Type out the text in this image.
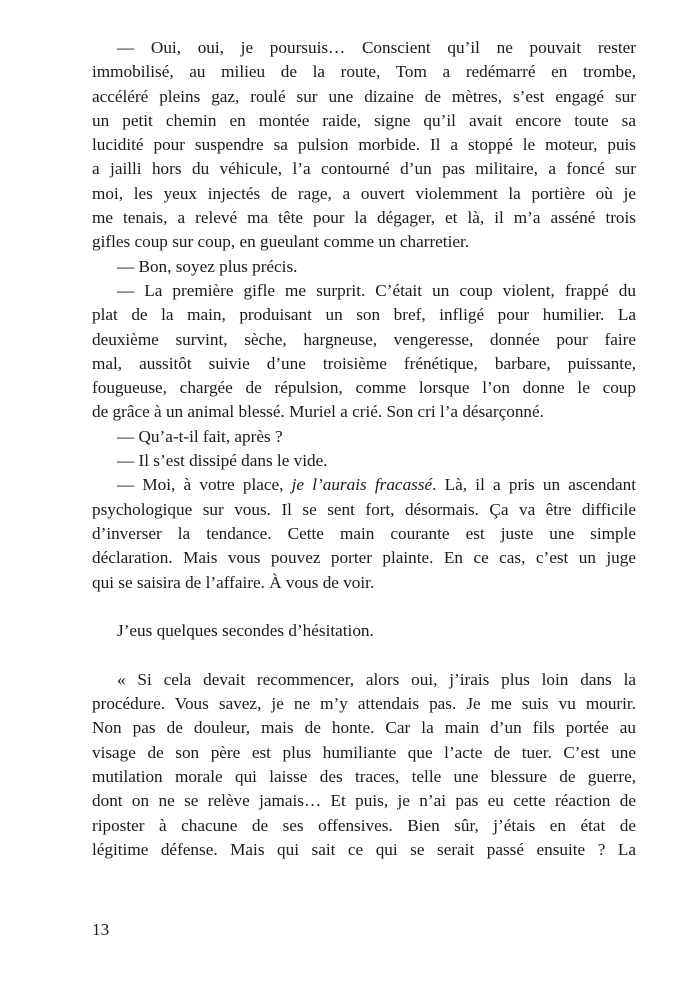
— Oui, oui, je poursuis… Conscient qu’il ne pouvait rester
immobilisé, au milieu de la route, Tom a redémarré en trombe,
accéléré pleins gaz, roulé sur une dizaine de mètres, s’est engagé sur
un petit chemin en montée raide, signe qu’il avait encore toute sa
lucidité pour suspendre sa pulsion morbide. Il a stoppé le moteur, puis
a jailli hors du véhicule, l’a contourné d’un pas militaire, a foncé sur
moi, les yeux injectés de rage, a ouvert violemment la portière où je
me tenais, a relevé ma tête pour la dégager, et là, il m’a asséné trois
gifles coup sur coup, en gueulant comme un charretier.
— Bon, soyez plus précis.
— La première gifle me surprit. C’était un coup violent, frappé du
plat de la main, produisant un son bref, infligé pour humilier. La
deuxième survint, sèche, hargneuse, vengeresse, donnée pour faire
mal, aussitôt suivie d’une troisième frénétique, barbare, puissante,
fougueuse, chargée de répulsion, comme lorsque l’on donne le coup
de grâce à un animal blessé. Muriel a crié. Son cri l’a désarçonné.
— Qu’a-t-il fait, après ?
— Il s’est dissipé dans le vide.
— Moi, à votre place, je l’aurais fracassé. Là, il a pris un ascendant
psychologique sur vous. Il se sent fort, désormais. Ça va être difficile
d’inverser la tendance. Cette main courante est juste une simple
déclaration. Mais vous pouvez porter plainte. En ce cas, c’est un juge
qui se saisira de l’affaire. À vous de voir.
J’eus quelques secondes d’hésitation.
« Si cela devait recommencer, alors oui, j’irais plus loin dans la
procédure. Vous savez, je ne m’y attendais pas. Je me suis vu mourir.
Non pas de douleur, mais de honte. Car la main d’un fils portée au
visage de son père est plus humiliante que l’acte de tuer. C’est une
mutilation morale qui laisse des traces, telle une blessure de guerre,
dont on ne se relève jamais… Et puis, je n’ai pas eu cette réaction de
riposter à chacune de ses offensives. Bien sûr, j’étais en état de
légitime défense. Mais qui sait ce qui se serait passé ensuite ? La
13
